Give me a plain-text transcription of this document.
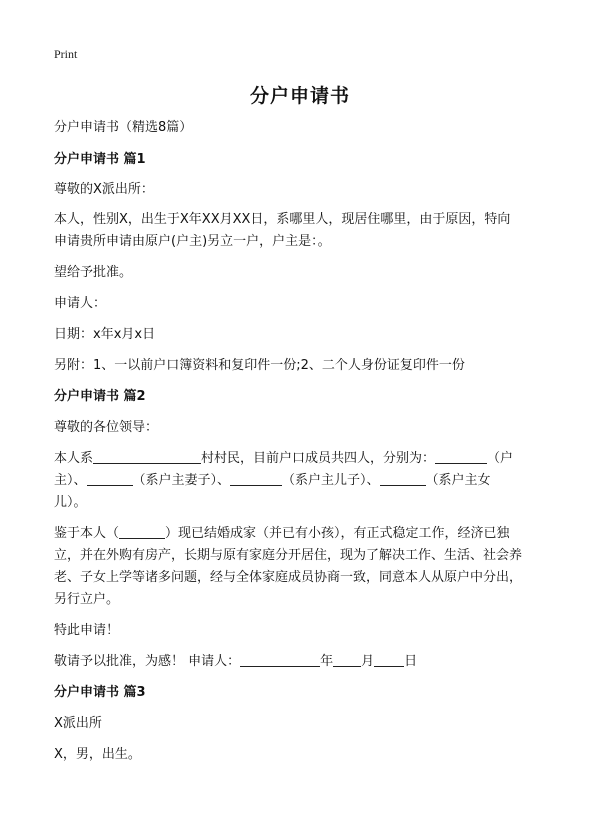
Print
分户申请书

分户申请书（精选8篇）

分户申请书 篇1

尊敬的X派出所：

本人，性别X，出生于X年XX月XX日，系哪里人，现居住哪里，由于原因，特向

申请贵所申请由原户(户主)另立一户，户主是：。

望给予批准。

申请人：

日期：x年x月x日

另附：1、一以前户口簿资料和复印件一份;2、二个人身份证复印件一份

分户申请书 篇2

尊敬的各位领导：

本人系	村村民，目前户口成员共四人，分别为：	（户

主）、	（系户主妻子）、	（系户主儿子）、	（系户主女

儿）。

鉴于本人（	）现已结婚成家（并已有小孩），有正式稳定工作，经济已独

立，并在外购有房产，长期与原有家庭分开居住，现为了解决工作、生活、社会养

老、子女上学等诸多问题，经与全体家庭成员协商一致，同意本人从原户中分出，

另行立户。

特此申请！

敬请予以批准，为感！ 申请人：	年 月 日

分户申请书 篇3

X派出所

X，男，出生。
